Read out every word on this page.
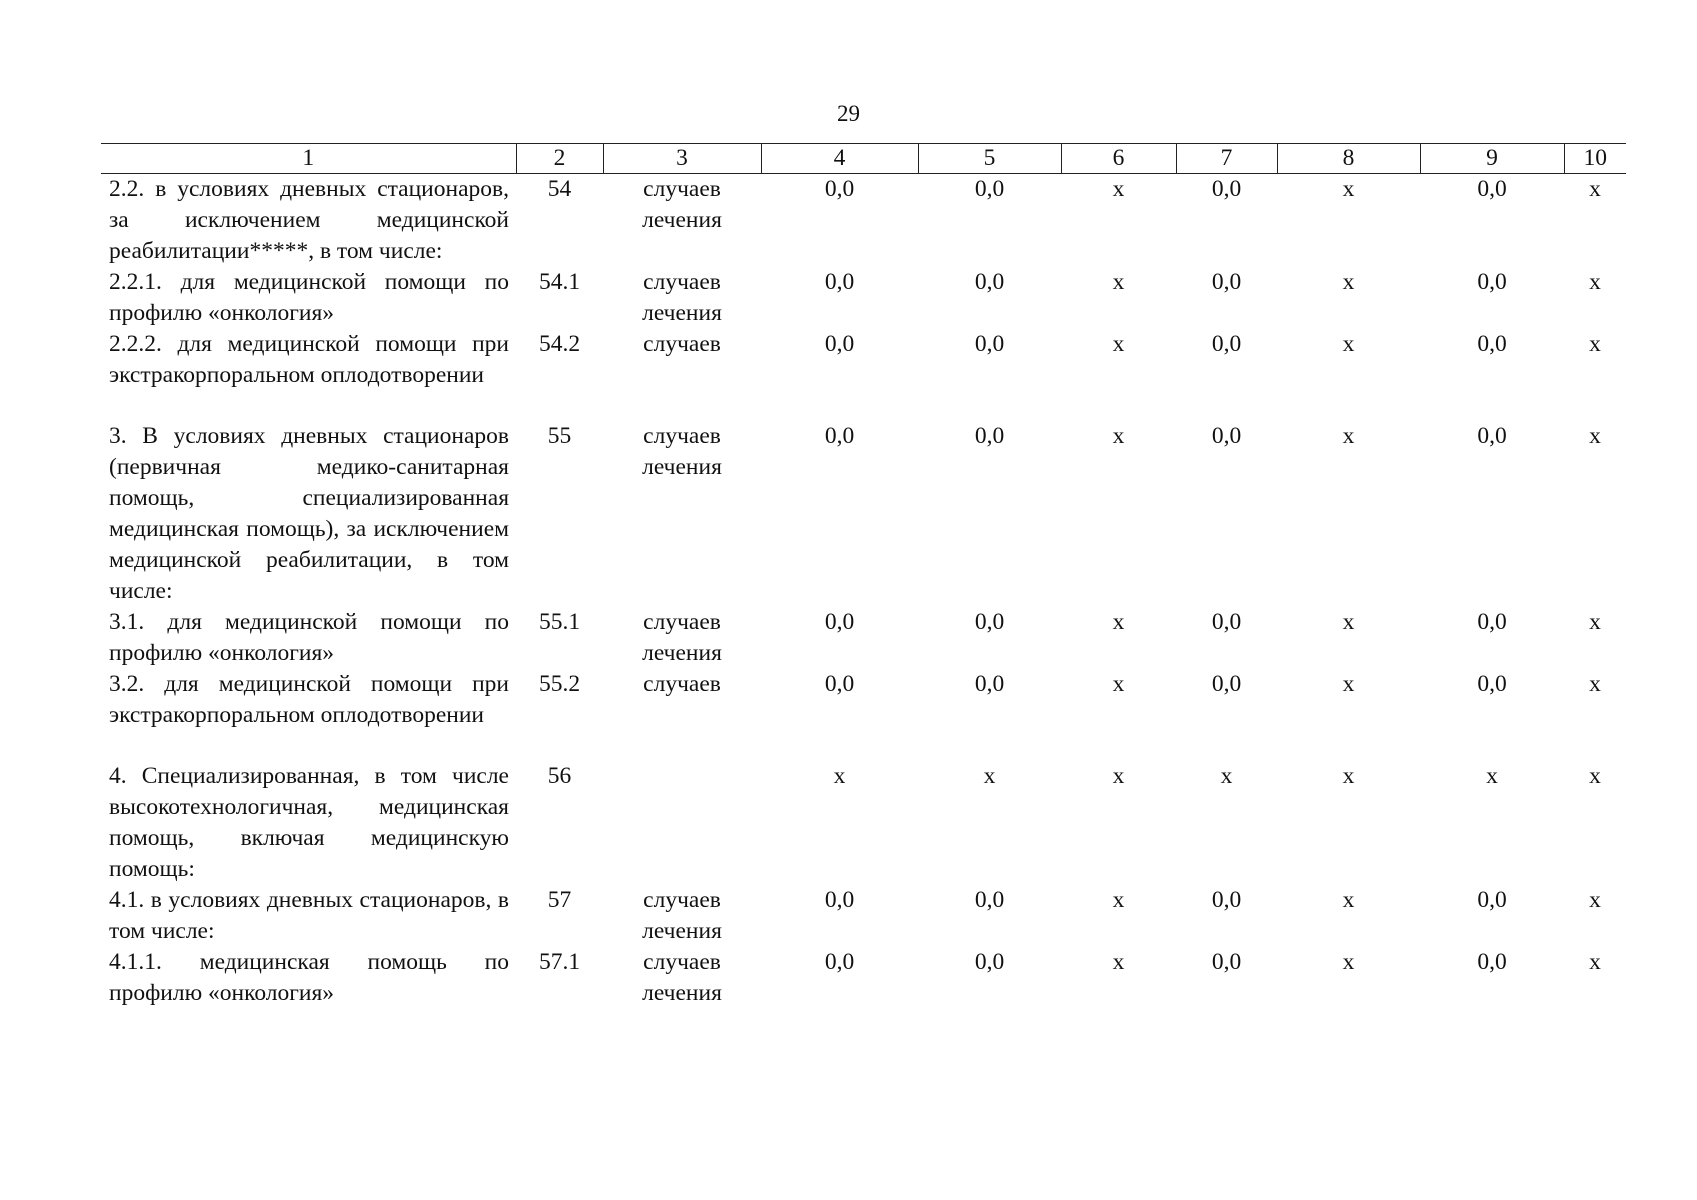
29
1	2	3	4	5	6	7	8	9	10
2.2. в условиях дневных стационаров, за исключением медицинской реабилитации*****, в том числе:	54	случаев лечения	0,0	0,0	х	0,0	х	0,0	х
2.2.1. для медицинской помощи по профилю «онкология»	54.1	случаев лечения	0,0	0,0	х	0,0	х	0,0	х
2.2.2. для медицинской помощи при экстракорпоральном оплодотворении	54.2	случаев	0,0	0,0	х	0,0	х	0,0	х
3. В условиях дневных стационаров (первичная медико-санитарная помощь, специализированная медицинская помощь), за исключением медицинской реабилитации, в том числе:	55	случаев лечения	0,0	0,0	х	0,0	х	0,0	х
3.1. для медицинской помощи по профилю «онкология»	55.1	случаев лечения	0,0	0,0	х	0,0	х	0,0	х
3.2. для медицинской помощи при экстракорпоральном оплодотворении	55.2	случаев	0,0	0,0	х	0,0	х	0,0	х
4. Специализированная, в том числе высокотехнологичная, медицинская помощь, включая медицинскую помощь:	56		х	х	х	х	х	х	х
4.1. в условиях дневных стационаров, в том числе:	57	случаев лечения	0,0	0,0	х	0,0	х	0,0	х
4.1.1. медицинская помощь по профилю «онкология»	57.1	случаев лечения	0,0	0,0	х	0,0	х	0,0	х
